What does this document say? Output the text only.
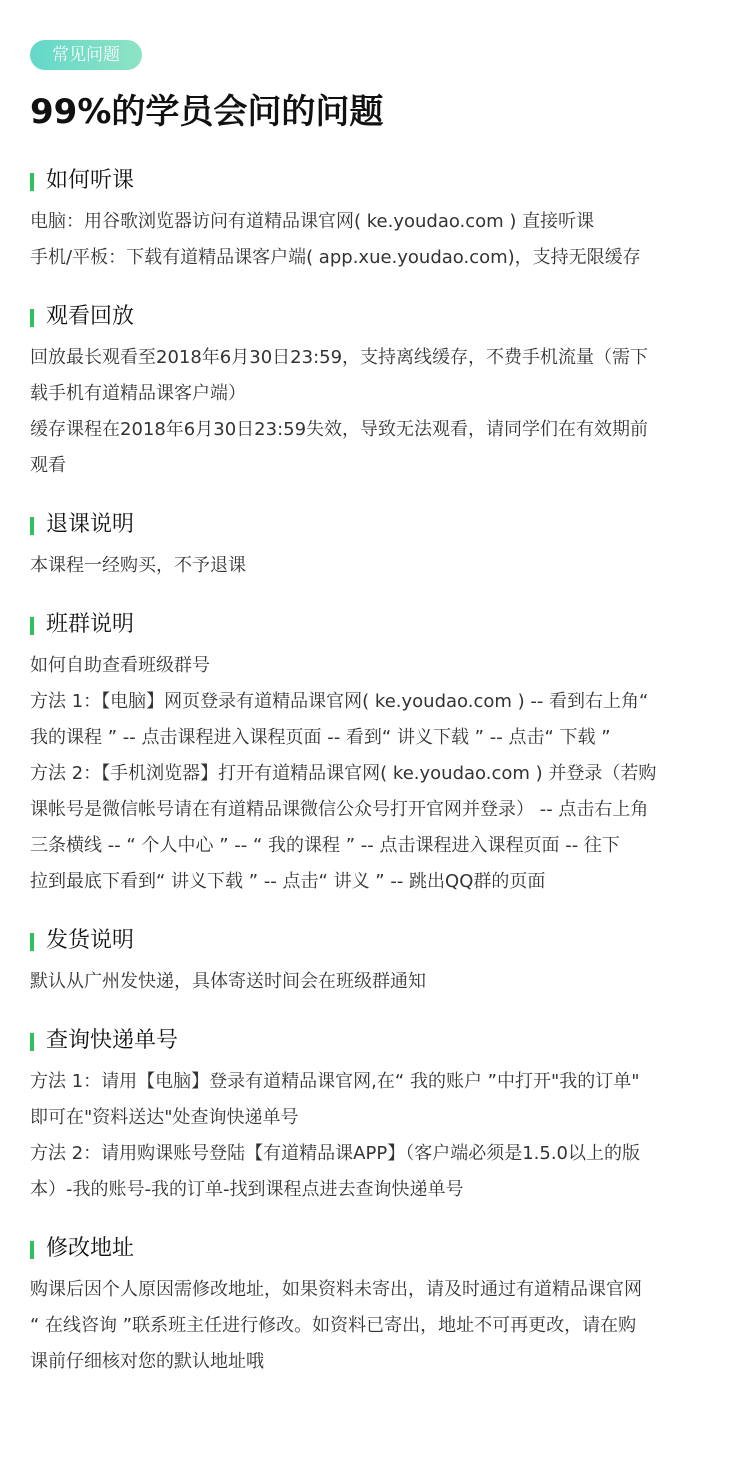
常见问题
99%的学员会问的问题
如何听课

电脑：用谷歌浏览器访问有道精品课官网( ke.youdao.com ) 直接听课

手机/平板：下载有道精品课客户端( app.xue.youdao.com)，支持无限缓存

观看回放

回放最长观看至2018年6月30日23:59，支持离线缓存，不费手机流量（需下

载手机有道精品课客户端）

缓存课程在2018年6月30日23:59失效，导致无法观看，请同学们在有效期前

观看

退课说明

本课程一经购买，不予退课

班群说明

如何自助查看班级群号

方法 1：【电脑】网页登录有道精品课官网( ke.youdao.com ) -- 看到右上角“

我的课程 ” -- 点击课程进入课程页面 -- 看到“ 讲义下载 ” -- 点击“ 下载 ”

方法 2：【手机浏览器】打开有道精品课官网( ke.youdao.com ) 并登录（若购

课帐号是微信帐号请在有道精品课微信公众号打开官网并登录） -- 点击右上角

三条横线 -- “ 个人中心 ” -- “ 我的课程 ” -- 点击课程进入课程页面 -- 往下

拉到最底下看到“ 讲义下载 ” -- 点击“ 讲义 ” -- 跳出QQ群的页面

发货说明

默认从广州发快递，具体寄送时间会在班级群通知

查询快递单号

方法 1：请用【电脑】登录有道精品课官网,在“ 我的账户 ”中打开"我的订单"

即可在"资料送达"处查询快递单号

方法 2：请用购课账号登陆【有道精品课APP】（客户端必须是1.5.0以上的版

本）-我的账号-我的订单-找到课程点进去查询快递单号

修改地址

购课后因个人原因需修改地址，如果资料未寄出，请及时通过有道精品课官网

“ 在线咨询 ”联系班主任进行修改。如资料已寄出，地址不可再更改，请在购

课前仔细核对您的默认地址哦
